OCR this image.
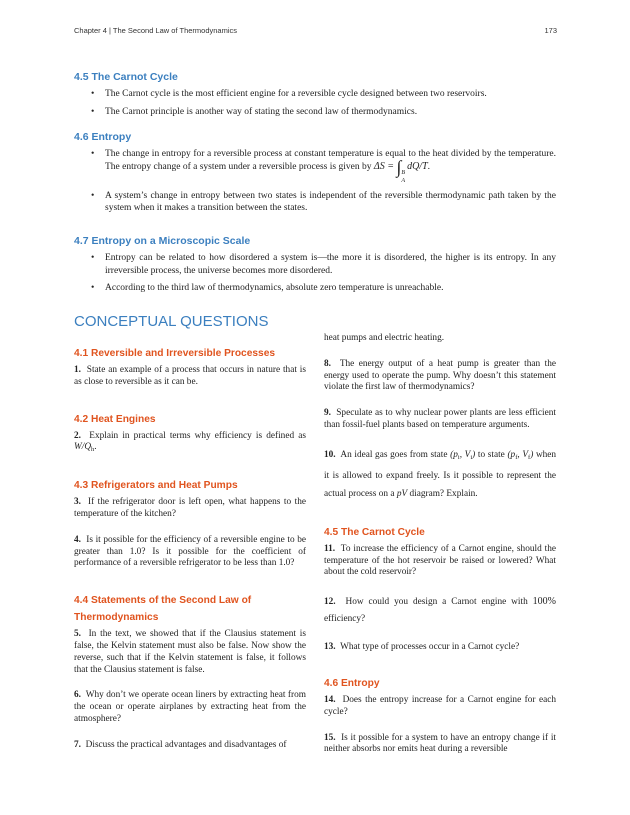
Chapter 4 | The Second Law of Thermodynamics	173
4.5 The Carnot Cycle
• The Carnot cycle is the most efficient engine for a reversible cycle designed between two reservoirs.
• The Carnot principle is another way of stating the second law of thermodynamics.
4.6 Entropy
• The change in entropy for a reversible process at constant temperature is equal to the heat divided by the temperature. The entropy change of a system under a reversible process is given by ΔS = ∫ B
A
dQ/T.
• A system’s change in entropy between two states is independent of the reversible thermodynamic path taken by the system when it makes a transition between the states.
4.7 Entropy on a Microscopic Scale
• Entropy can be related to how disordered a system is—the more it is disordered, the higher is its entropy. In any irreversible process, the universe becomes more disordered.
• According to the third law of thermodynamics, absolute zero temperature is unreachable.
CONCEPTUAL QUESTIONS
4.1 Reversible and Irreversible Processes

1. State an example of a process that occurs in nature that is as close to reversible as it can be.

4.2 Heat Engines

2. Explain in practical terms why efficiency is defined as $W/Q_h$.

4.3 Refrigerators and Heat Pumps

3. If the refrigerator door is left open, what happens to the temperature of the kitchen?

4. Is it possible for the efficiency of a reversible engine to be greater than 1.0? Is it possible for the coefficient of performance of a reversible refrigerator to be less than 1.0?

4.4 Statements of the Second Law of Thermodynamics

5. In the text, we showed that if the Clausius statement is false, the Kelvin statement must also be false. Now show the reverse, such that if the Kelvin statement is false, it follows that the Clausius statement is false.

6. Why don’t we operate ocean liners by extracting heat from the ocean or operate airplanes by extracting heat from the atmosphere?

7. Discuss the practical advantages and disadvantages of

heat pumps and electric heating.

8. The energy output of a heat pump is greater than the energy used to operate the pump. Why doesn’t this statement violate the first law of thermodynamics?

9. Speculate as to why nuclear power plants are less efficient than fossil-fuel plants based on temperature arguments.

10. An ideal gas goes from state ($p_i$, $V_i$) to state ($p_f$, $V_f$) when it is allowed to expand freely. Is it possible to represent the actual process on a pV diagram? Explain.

4.5 The Carnot Cycle

11. To increase the efficiency of a Carnot engine, should the temperature of the hot reservoir be raised or lowered? What about the cold reservoir?

12. How could you design a Carnot engine with 100% efficiency?

13. What type of processes occur in a Carnot cycle?

4.6 Entropy

14. Does the entropy increase for a Carnot engine for each cycle?

15. Is it possible for a system to have an entropy change if it neither absorbs nor emits heat during a reversible
